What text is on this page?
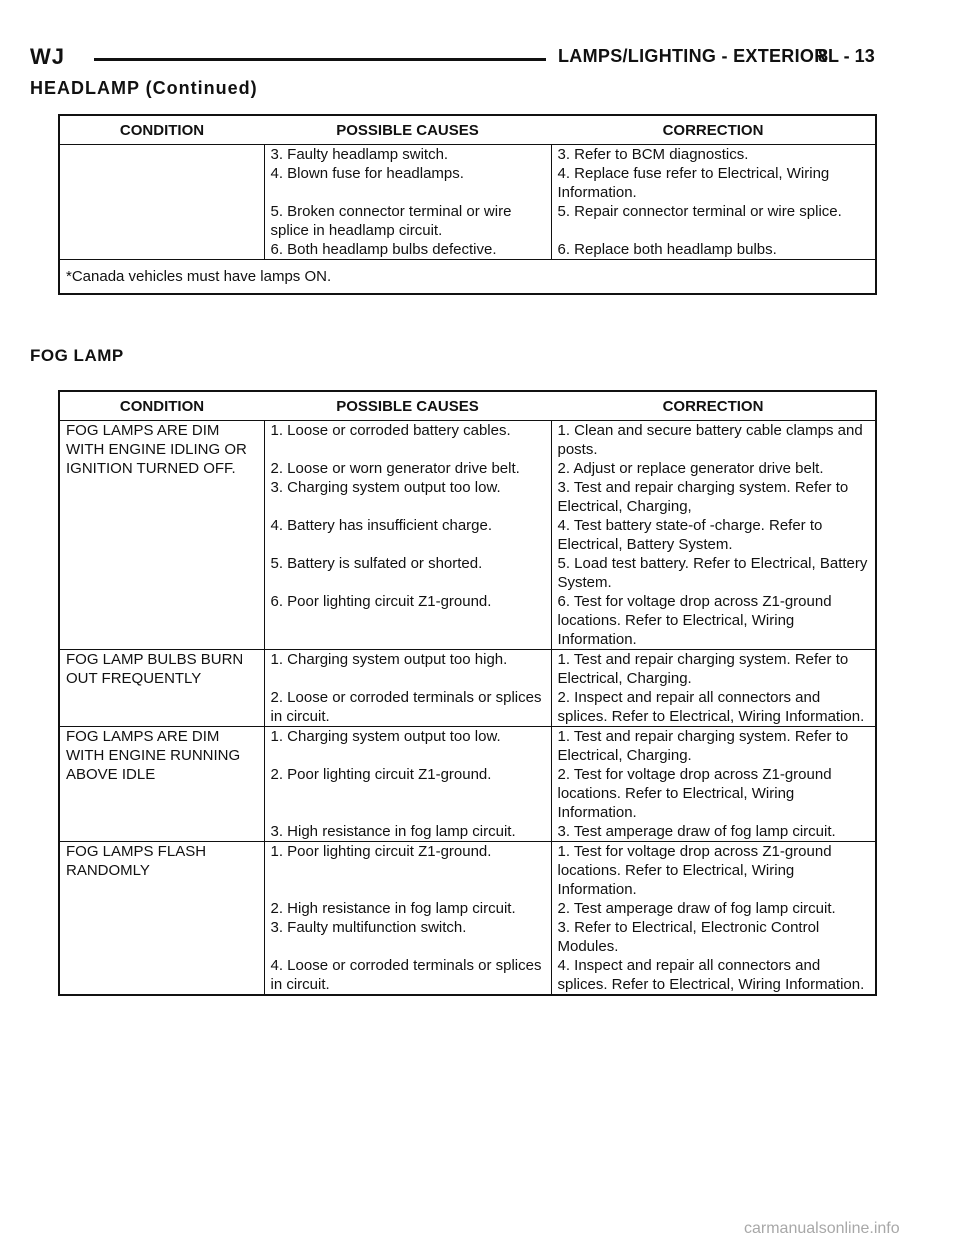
WJ	LAMPS/LIGHTING - EXTERIOR
8L - 13
HEADLAMP (Continued)
CONDITION	POSSIBLE CAUSES	CORRECTION
	3. Faulty headlamp switch.	3. Refer to BCM diagnostics.
	4. Blown fuse for headlamps.	4. Replace fuse refer to Electrical, Wiring Information.
	5. Broken connector terminal or wire splice in headlamp circuit.	5. Repair connector terminal or wire splice.
	6. Both headlamp bulbs defective.	6. Replace both headlamp bulbs.
*Canada vehicles must have lamps ON.		
FOG LAMP
CONDITION	POSSIBLE CAUSES	CORRECTION
FOG LAMPS ARE DIM WITH ENGINE IDLING OR IGNITION TURNED OFF.	1. Loose or corroded battery cables.	1. Clean and secure battery cable clamps and posts.
	2. Loose or worn generator drive belt.	2. Adjust or replace generator drive belt.
	3. Charging system output too low.	3. Test and repair charging system. Refer to Electrical, Charging,
	4. Battery has insufficient charge.	4. Test battery state-of -charge. Refer to Electrical, Battery System.
	5. Battery is sulfated or shorted.	5. Load test battery. Refer to Electrical, Battery System.
	6. Poor lighting circuit Z1-ground.	6. Test for voltage drop across Z1-ground locations. Refer to Electrical, Wiring Information.
FOG LAMP BULBS BURN OUT FREQUENTLY	1. Charging system output too high.	1. Test and repair charging system. Refer to Electrical, Charging.
	2. Loose or corroded terminals or splices in circuit.	2. Inspect and repair all connectors and splices. Refer to Electrical, Wiring Information.
FOG LAMPS ARE DIM WITH ENGINE RUNNING ABOVE IDLE	1. Charging system output too low.	1. Test and repair charging system. Refer to Electrical, Charging.
	2. Poor lighting circuit Z1-ground.	2. Test for voltage drop across Z1-ground locations. Refer to Electrical, Wiring Information.
	3. High resistance in fog lamp circuit.	3. Test amperage draw of fog lamp circuit.
FOG LAMPS FLASH RANDOMLY	1. Poor lighting circuit Z1-ground.	1. Test for voltage drop across Z1-ground locations. Refer to Electrical, Wiring Information.
	2. High resistance in fog lamp circuit.	2. Test amperage draw of fog lamp circuit.
	3. Faulty multifunction switch.	3. Refer to Electrical, Electronic Control Modules.
	4. Loose or corroded terminals or splices in circuit.	4. Inspect and repair all connectors and splices. Refer to Electrical, Wiring Information.
carmanualsonline.info
